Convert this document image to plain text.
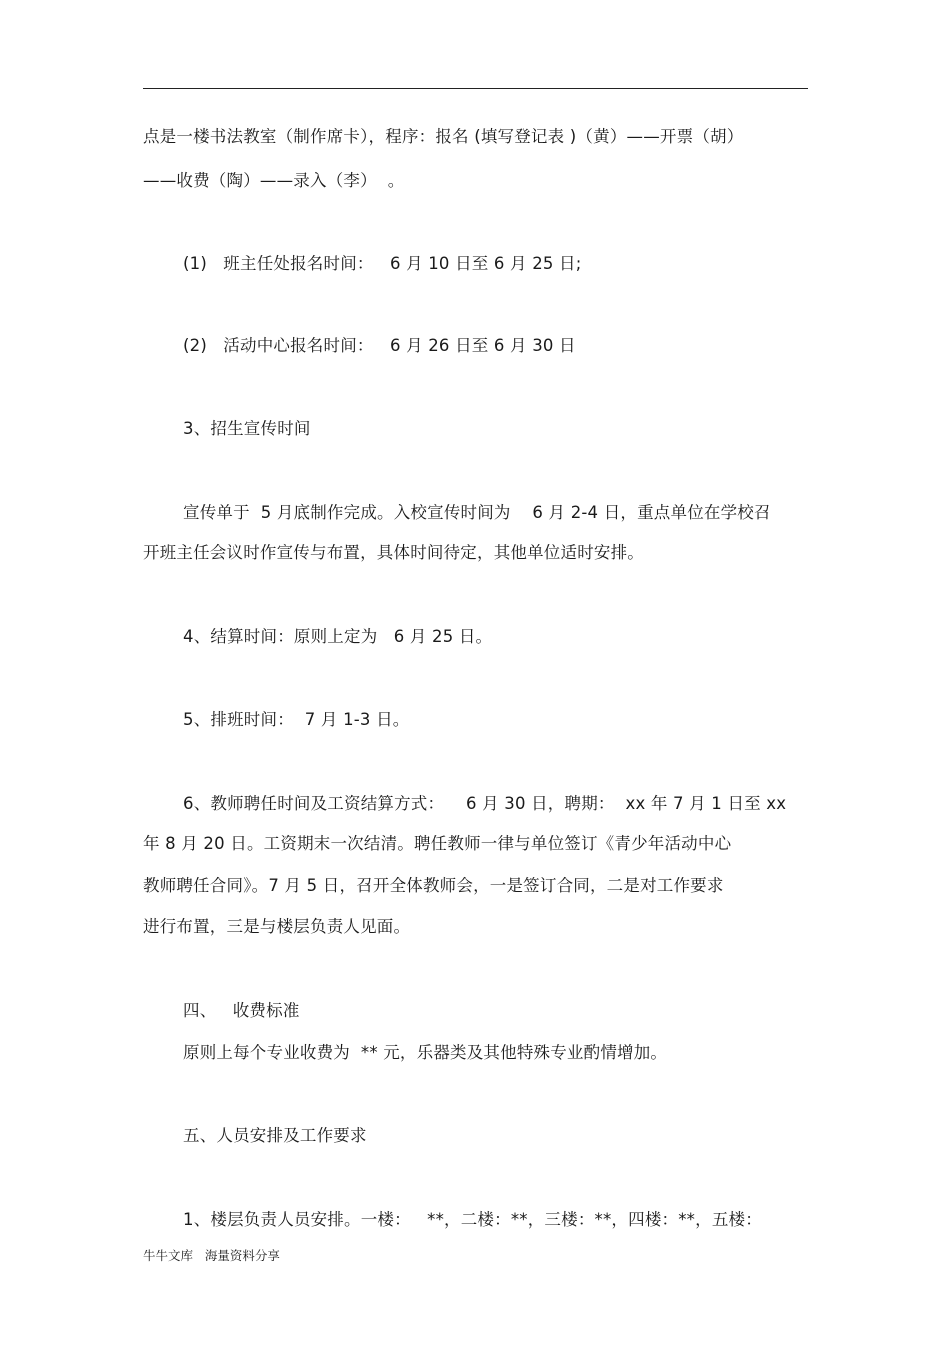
点是一楼书法教室（制作席卡），程序：报名 (填写登记表 )（黄）——开票（胡）
——收费（陶）——录入（李）  。
(1)   班主任处报名时间：   6 月 10 日至 6 月 25 日;
(2)   活动中心报名时间：   6 月 26 日至 6 月 30 日
3、招生宣传时间
宣传单于  5 月底制作完成。入校宣传时间为    6 月 2-4 日，重点单位在学校召
开班主任会议时作宣传与布置，具体时间待定，其他单位适时安排。
4、结算时间：原则上定为   6 月 25 日。
5、排班时间：  7 月 1-3 日。
6、教师聘任时间及工资结算方式：    6 月 30 日，聘期：  xx 年 7 月 1 日至 xx
年 8 月 20 日。工资期末一次结清。聘任教师一律与单位签订《青少年活动中心
教师聘任合同》。7 月 5 日，召开全体教师会，一是签订合同，二是对工作要求
进行布置，三是与楼层负责人见面。
四、   收费标准
原则上每个专业收费为  ** 元，乐器类及其他特殊专业酌情增加。
五、人员安排及工作要求
1、楼层负责人员安排。一楼：   **，二楼：**，三楼：**，四楼：**，五楼：
牛牛文库   海量资料分享
